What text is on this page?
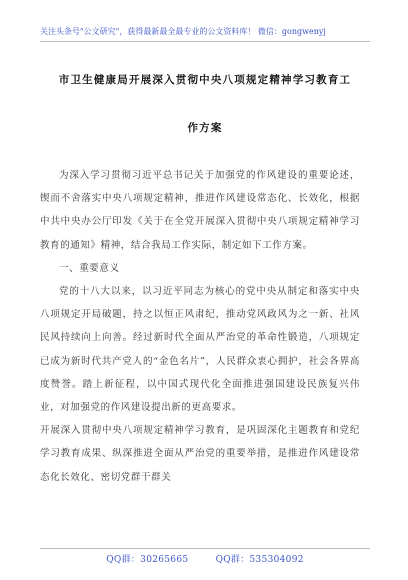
关注头条号"公文研究"，获得最新最全最专业的公文资料库！ 微信：gongwenyj
市卫生健康局开展深入贯彻中央八项规定精神学习教育工
作方案

为深入学习贯彻习近平总书记关于加强党的作风建设的重要论述，锲而不舍落实中央八项规定精神，推进作风建设常态化、长效化，根据中共中央办公厅印发《关于在全党开展深入贯彻中央八项规定精神学习教育的通知》精神，结合我局工作实际，制定如下工作方案。

一、重要意义

党的十八大以来，以习近平同志为核心的党中央从制定和落实中央八项规定开局破题，持之以恒正风肃纪，推动党风政风为之一新、社风民风持续向上向善。经过新时代全面从严治党的革命性锻造，八项规定已成为新时代共产党人的“金色名片”，人民群众衷心拥护，社会各界高度赞誉。踏上新征程，以中国式现代化全面推进强国建设民族复兴伟业，对加强党的作风建设提出新的更高要求。

开展深入贯彻中央八项规定精神学习教育，是巩固深化主题教育和党纪学习教育成果、纵深推进全面从严治党的重要举措，是推进作风建设常态化长效化、密切党群干群关

QQ群：30265665	QQ群：535304092
